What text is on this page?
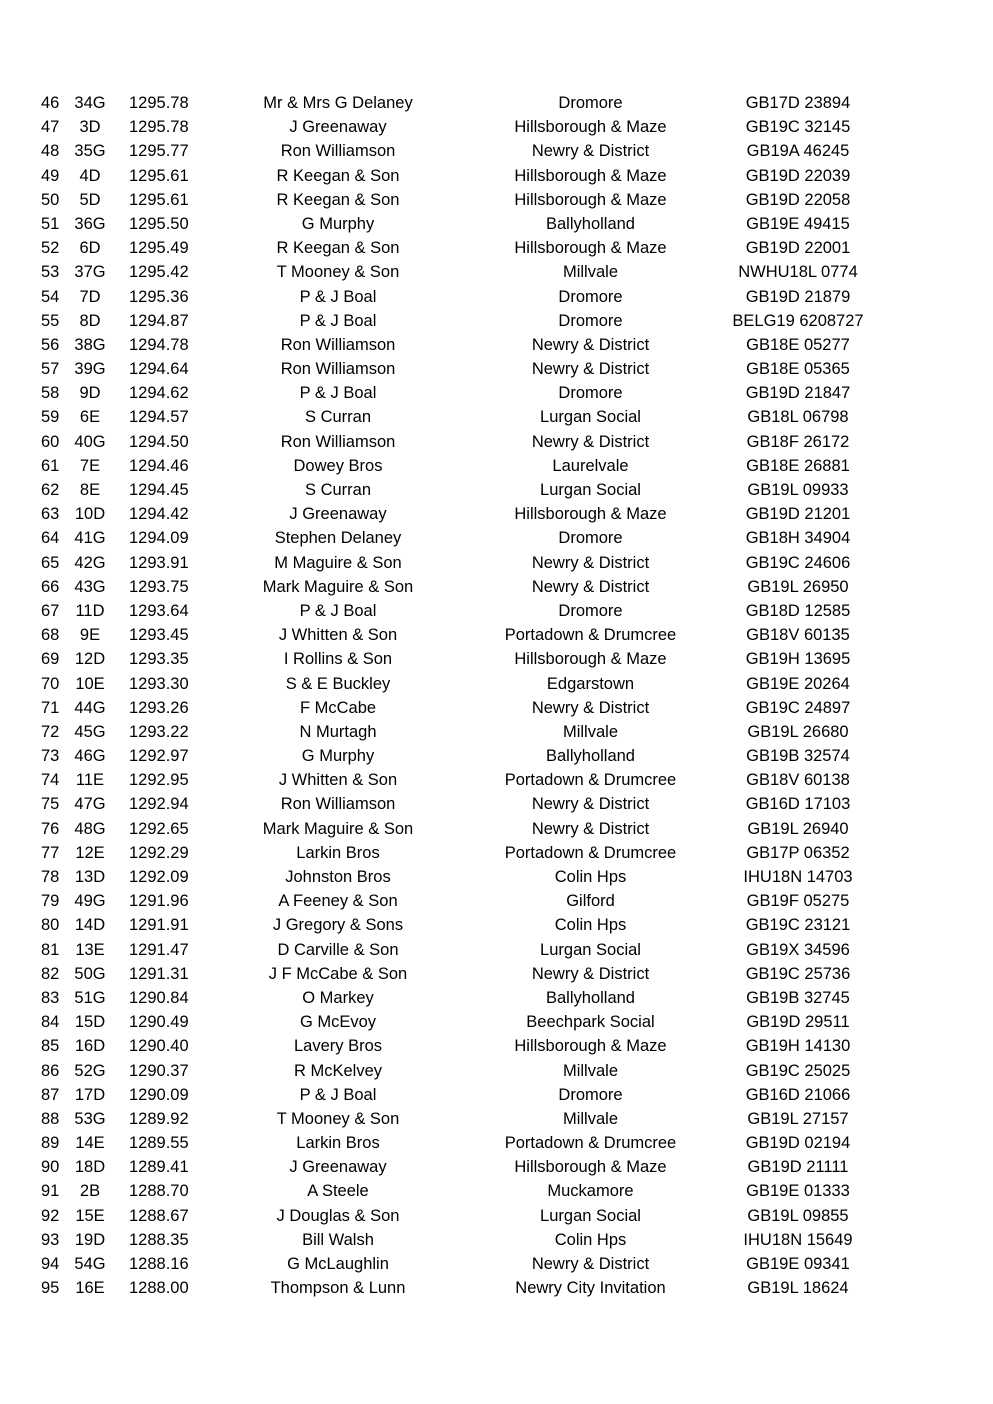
46 34G 1295.78	Mr & Mrs G Delaney	Dromore	GB17D 23894
47	3D	1295.78	J Greenaway	Hillsborough & Maze	GB19C 32145
48 35G 1295.77	Ron Williamson	Newry & District	GB19A 46245
49	4D	1295.61	R Keegan & Son	Hillsborough & Maze	GB19D 22039
50	5D	1295.61	R Keegan & Son	Hillsborough & Maze	GB19D 22058
51 36G 1295.50	G Murphy	Ballyholland	GB19E 49415
52	6D	1295.49	R Keegan & Son	Hillsborough & Maze	GB19D 22001
53 37G 1295.42	T Mooney & Son	Millvale	NWHU18L 0774
54	7D	1295.36	P & J Boal	Dromore	GB19D 21879
55	8D	1294.87	P & J Boal	Dromore	BELG19 6208727
56 38G 1294.78	Ron Williamson	Newry & District	GB18E 05277
57 39G 1294.64	Ron Williamson	Newry & District	GB18E 05365
58	9D	1294.62	P & J Boal	Dromore	GB19D 21847
59	6E	1294.57	S Curran	Lurgan Social	GB18L 06798
60 40G 1294.50	Ron Williamson	Newry & District	GB18F 26172
61	7E	1294.46	Dowey Bros	Laurelvale	GB18E 26881
62	8E	1294.45	S Curran	Lurgan Social	GB19L 09933
63 10D 1294.42	J Greenaway	Hillsborough & Maze	GB19D 21201
64 41G 1294.09	Stephen Delaney	Dromore	GB18H 34904
65 42G 1293.91	M Maguire & Son	Newry & District	GB19C 24606
66 43G 1293.75	Mark Maguire & Son	Newry & District	GB19L 26950
67 11D 1293.64	P & J Boal	Dromore	GB18D 12585
68	9E	1293.45	J Whitten & Son	Portadown & Drumcree	GB18V 60135
69 12D 1293.35	I Rollins & Son	Hillsborough & Maze	GB19H 13695
70 10E 1293.30	S & E Buckley	Edgarstown	GB19E 20264
71 44G 1293.26	F McCabe	Newry & District	GB19C 24897
72 45G 1293.22	N Murtagh	Millvale	GB19L 26680
73 46G 1292.97	G Murphy	Ballyholland	GB19B 32574
74 11E 1292.95	J Whitten & Son	Portadown & Drumcree	GB18V 60138
75 47G 1292.94	Ron Williamson	Newry & District	GB16D 17103
76 48G 1292.65	Mark Maguire & Son	Newry & District	GB19L 26940
77 12E 1292.29	Larkin Bros	Portadown & Drumcree	GB17P 06352
78 13D 1292.09	Johnston Bros	Colin Hps	IHU18N 14703
79 49G 1291.96	A Feeney & Son	Gilford	GB19F 05275
80 14D 1291.91	J Gregory & Sons	Colin Hps	GB19C 23121
81 13E 1291.47	D Carville & Son	Lurgan Social	GB19X 34596
82 50G 1291.31	J F McCabe & Son	Newry & District	GB19C 25736
83 51G 1290.84	O Markey	Ballyholland	GB19B 32745
84 15D 1290.49	G McEvoy	Beechpark Social	GB19D 29511
85 16D 1290.40	Lavery Bros	Hillsborough & Maze	GB19H 14130
86 52G 1290.37	R McKelvey	Millvale	GB19C 25025
87 17D 1290.09	P & J Boal	Dromore	GB16D 21066
88 53G 1289.92	T Mooney & Son	Millvale	GB19L 27157
89 14E 1289.55	Larkin Bros	Portadown & Drumcree	GB19D 02194
90 18D 1289.41	J Greenaway	Hillsborough & Maze	GB19D 21111
91	2B	1288.70	A Steele	Muckamore	GB19E 01333
92 15E 1288.67	J Douglas & Son	Lurgan Social	GB19L 09855
93 19D 1288.35	Bill Walsh	Colin Hps	IHU18N 15649
94 54G 1288.16	G McLaughlin	Newry & District	GB19E 09341
95 16E 1288.00	Thompson & Lunn	Newry City Invitation	GB19L 18624
